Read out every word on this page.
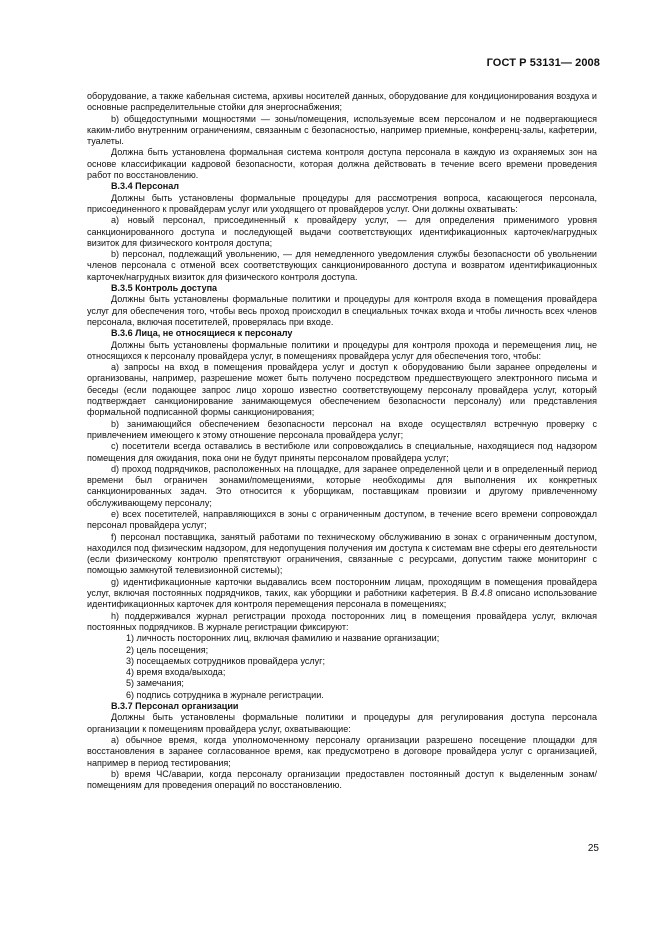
ГОСТ Р 53131— 2008

оборудование, а также кабельная система, архивы носителей данных, оборудование для кондиционирования воздуха и основные распределительные стойки для энергоснабжения;

b) общедоступными мощностями — зоны/помещения, используемые всем персоналом и не подвергающиеся каким-либо внутренним ограничениям, связанным с безопасностью, например приемные, конференц-залы, кафетерии, туалеты.

Должна быть установлена формальная система контроля доступа персонала в каждую из охраняемых зон на основе классификации кадровой безопасности, которая должна действовать в течение всего времени проведения работ по восстановлению.

В.3.4 Персонал

Должны быть установлены формальные процедуры для рассмотрения вопроса, касающегося персонала, присоединенного к провайдерам услуг или уходящего от провайдеров услуг. Они должны охватывать:

а) новый персонал, присоединенный к провайдеру услуг, — для определения применимого уровня санкционированного доступа и последующей выдачи соответствующих идентификационных карточек/нагрудных визиток для физического контроля доступа;

b) персонал, подлежащий увольнению, — для немедленного уведомления службы безопасности об увольнении членов персонала с отменой всех соответствующих санкционированного доступа и возвратом идентификационных карточек/нагрудных визиток для физического контроля доступа.

В.3.5 Контроль доступа

Должны быть установлены формальные политики и процедуры для контроля входа в помещения провайдера услуг для обеспечения того, чтобы весь проход происходил в специальных точках входа и чтобы личность всех членов персонала, включая посетителей, проверялась при входе.

В.3.6 Лица, не относящиеся к персоналу

Должны быть установлены формальные политики и процедуры для контроля прохода и перемещения лиц, не относящихся к персоналу провайдера услуг, в помещениях провайдера услуг для обеспечения того, чтобы:

а) запросы на вход в помещения провайдера услуг и доступ к оборудованию были заранее определены и организованы, например, разрешение может быть получено посредством предшествующего электронного письма и беседы (если подающее запрос лицо хорошо известно соответствующему персоналу провайдера услуг, который подтверждает санкционирование занимающемуся обеспечением безопасности персоналу) или представления формальной подписанной формы санкционирования;

b) занимающийся обеспечением безопасности персонал на входе осуществлял встречную проверку с привлечением имеющего к этому отношение персонала провайдера услуг;

c) посетители всегда оставались в вестибюле или сопровождались в специальные, находящиеся под надзором помещения для ожидания, пока они не будут приняты персоналом провайдера услуг;

d) проход подрядчиков, расположенных на площадке, для заранее определенной цели и в определенный период времени был ограничен зонами/помещениями, которые необходимы для выполнения их конкретных санкционированных задач. Это относится к уборщикам, поставщикам провизии и другому привлеченному обслуживающему персоналу;

e) всех посетителей, направляющихся в зоны с ограниченным доступом, в течение всего времени сопровождал персонал провайдера услуг;

f) персонал поставщика, занятый работами по техническому обслуживанию в зонах с ограниченным доступом, находился под физическим надзором, для недопущения получения им доступа к системам вне сферы его деятельности (если физическому контролю препятствуют ограничения, связанные с ресурсами, допустим также мониторинг с помощью замкнутой телевизионной системы);

g) идентификационные карточки выдавались всем посторонним лицам, проходящим в помещения провайдера услуг, включая постоянных подрядчиков, таких, как уборщики и работники кафетерия. В В.4.8 описано использование идентификационных карточек для контроля перемещения персонала в помещениях;

h) поддерживался журнал регистрации прохода посторонних лиц в помещения провайдера услуг, включая постоянных подрядчиков. В журнале регистрации фиксируют:

1) личность посторонних лиц, включая фамилию и название организации;

2) цель посещения;

3) посещаемых сотрудников провайдера услуг;

4) время входа/выхода;

5) замечания;

6) подпись сотрудника в журнале регистрации.

В.3.7 Персонал организации

Должны быть установлены формальные политики и процедуры для регулирования доступа персонала организации к помещениям провайдера услуг, охватывающие:

а) обычное время, когда уполномоченному персоналу организации разрешено посещение площадки для восстановления в заранее согласованное время, как предусмотрено в договоре провайдера услуг с организацией, например в период тестирования;

b) время ЧС/аварии, когда персоналу организации предоставлен постоянный доступ к выделенным зонам/помещениям для проведения операций по восстановлению.

25
